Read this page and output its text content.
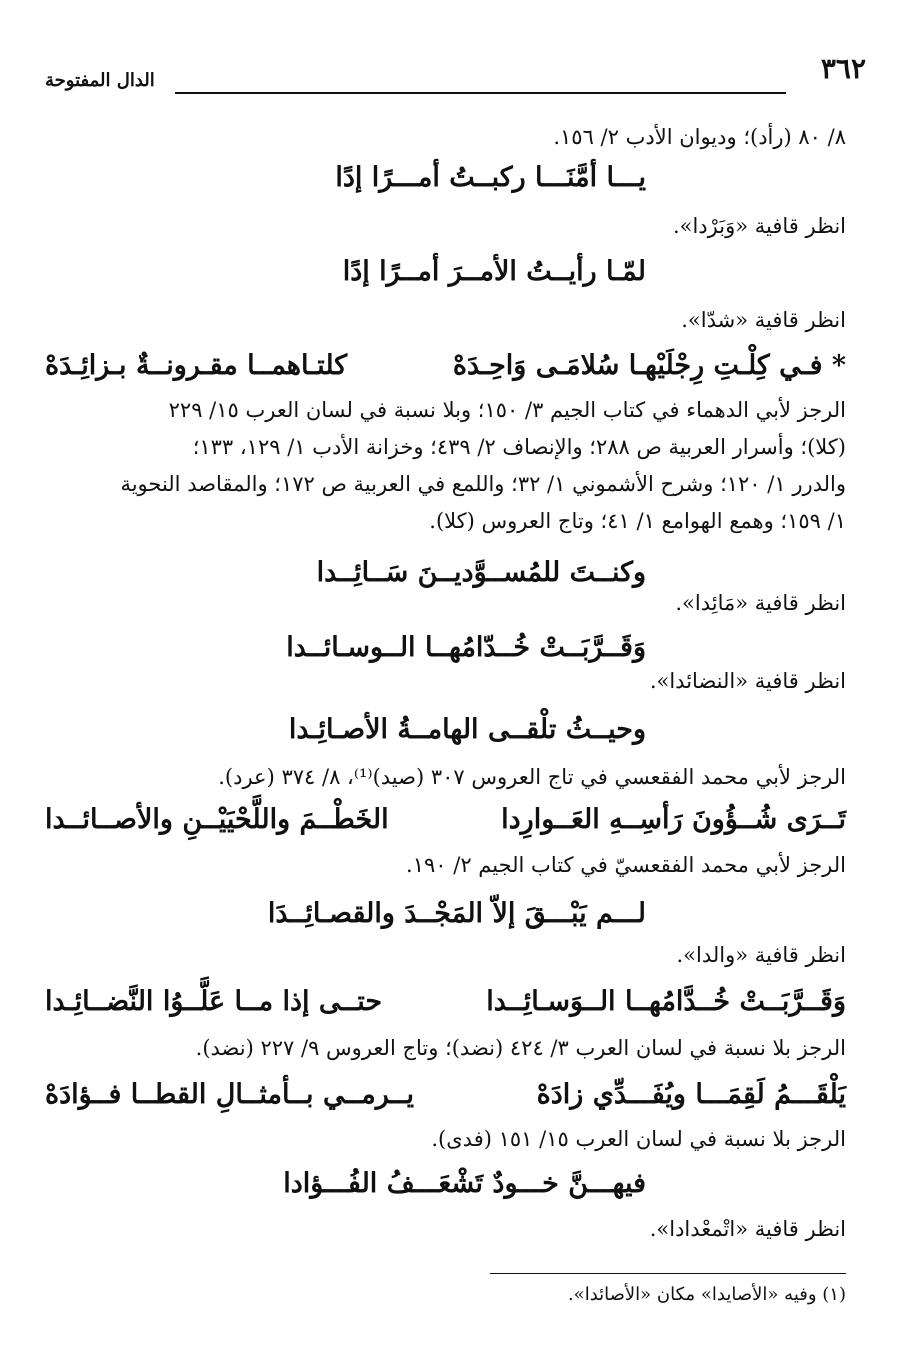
٣٦٢
الدال المفتوحة
٨/ ٨٠ (رأد)؛ وديوان الأدب ٢/ ١٥٦.
يـــا أمَّنَـــا ركبــتُ أمـــرًا إدًا
انظر قافية «وَبَرْدا».
لمّـا رأيــتُ الأمــرَ أمــرًا إدًا
انظر قافية «شدّا».
* فـي كِلْـتِ رِجْلَيْهـا سُلامَـى وَاحِـدَهْ
كلتـاهمــا مقـرونــةٌ بـزائِـدَهْ
الرجز لأبي الدهماء في كتاب الجيم ٣/ ١٥٠؛ وبلا نسبة في لسان العرب ١٥/ ٢٢٩
(كلا)؛ وأسرار العربية ص ٢٨٨؛ والإنصاف ٢/ ٤٣٩؛ وخزانة الأدب ١/ ١٢٩، ١٣٣؛
والدرر ١/ ١٢٠؛ وشرح الأشموني ١/ ٣٢؛ واللمع في العربية ص ١٧٢؛ والمقاصد النحوية
١/ ١٥٩؛ وهمع الهوامع ١/ ٤١؛ وتاج العروس (كلا).
وكنــتَ للمُســوَّديــنَ سَــائِــدا
انظر قافية «مَائِدا».
وَقَــرَّبَــتْ خُــدّامُهــا الــوسـائــدا
انظر قافية «النضائدا».
وحيــثُ تلْقــى الهامــةُ الأصـائِـدا
الرجز لأبي محمد الفقعسي في تاج العروس ٣٠٧ (صيد)⁽¹⁾، ٨/ ٣٧٤ (عرد).
تَــرَى شُــؤُونَ رَأسِــهِ العَــوارِدا
الخَطْــمَ واللَّحْيَيْــنِ والأصــائــدا
الرجز لأبي محمد الفقعسيّ في كتاب الجيم ٢/ ١٩٠.
لـــم يَبْـــقَ إلاّ المَجْــدَ والقصـائِــدَا
انظر قافية «والدا».
وَقَــرَّبَــتْ خُــدَّامُهــا الــوَسـائِــدا
حتــى إذا مــا عَلَّــوُا النَّضــائِـدا
الرجز بلا نسبة في لسان العرب ٣/ ٤٢٤ (نضد)؛ وتاج العروس ٩/ ٢٢٧ (نضد).
يَلْقَـــمُ لَقِمَـــا ويُفَـــدِّي زادَهْ
يــرمــي بــأمثــالِ القطــا فــؤادَهْ
الرجز بلا نسبة في لسان العرب ١٥/ ١٥١ (فدى).
فيهـــنَّ خـــودٌ تَشْعَـــفُ الفُـــؤادا
انظر قافية «اتْمعْدادا».
(١) وفيه «الأصايدا» مكان «الأصائدا».
